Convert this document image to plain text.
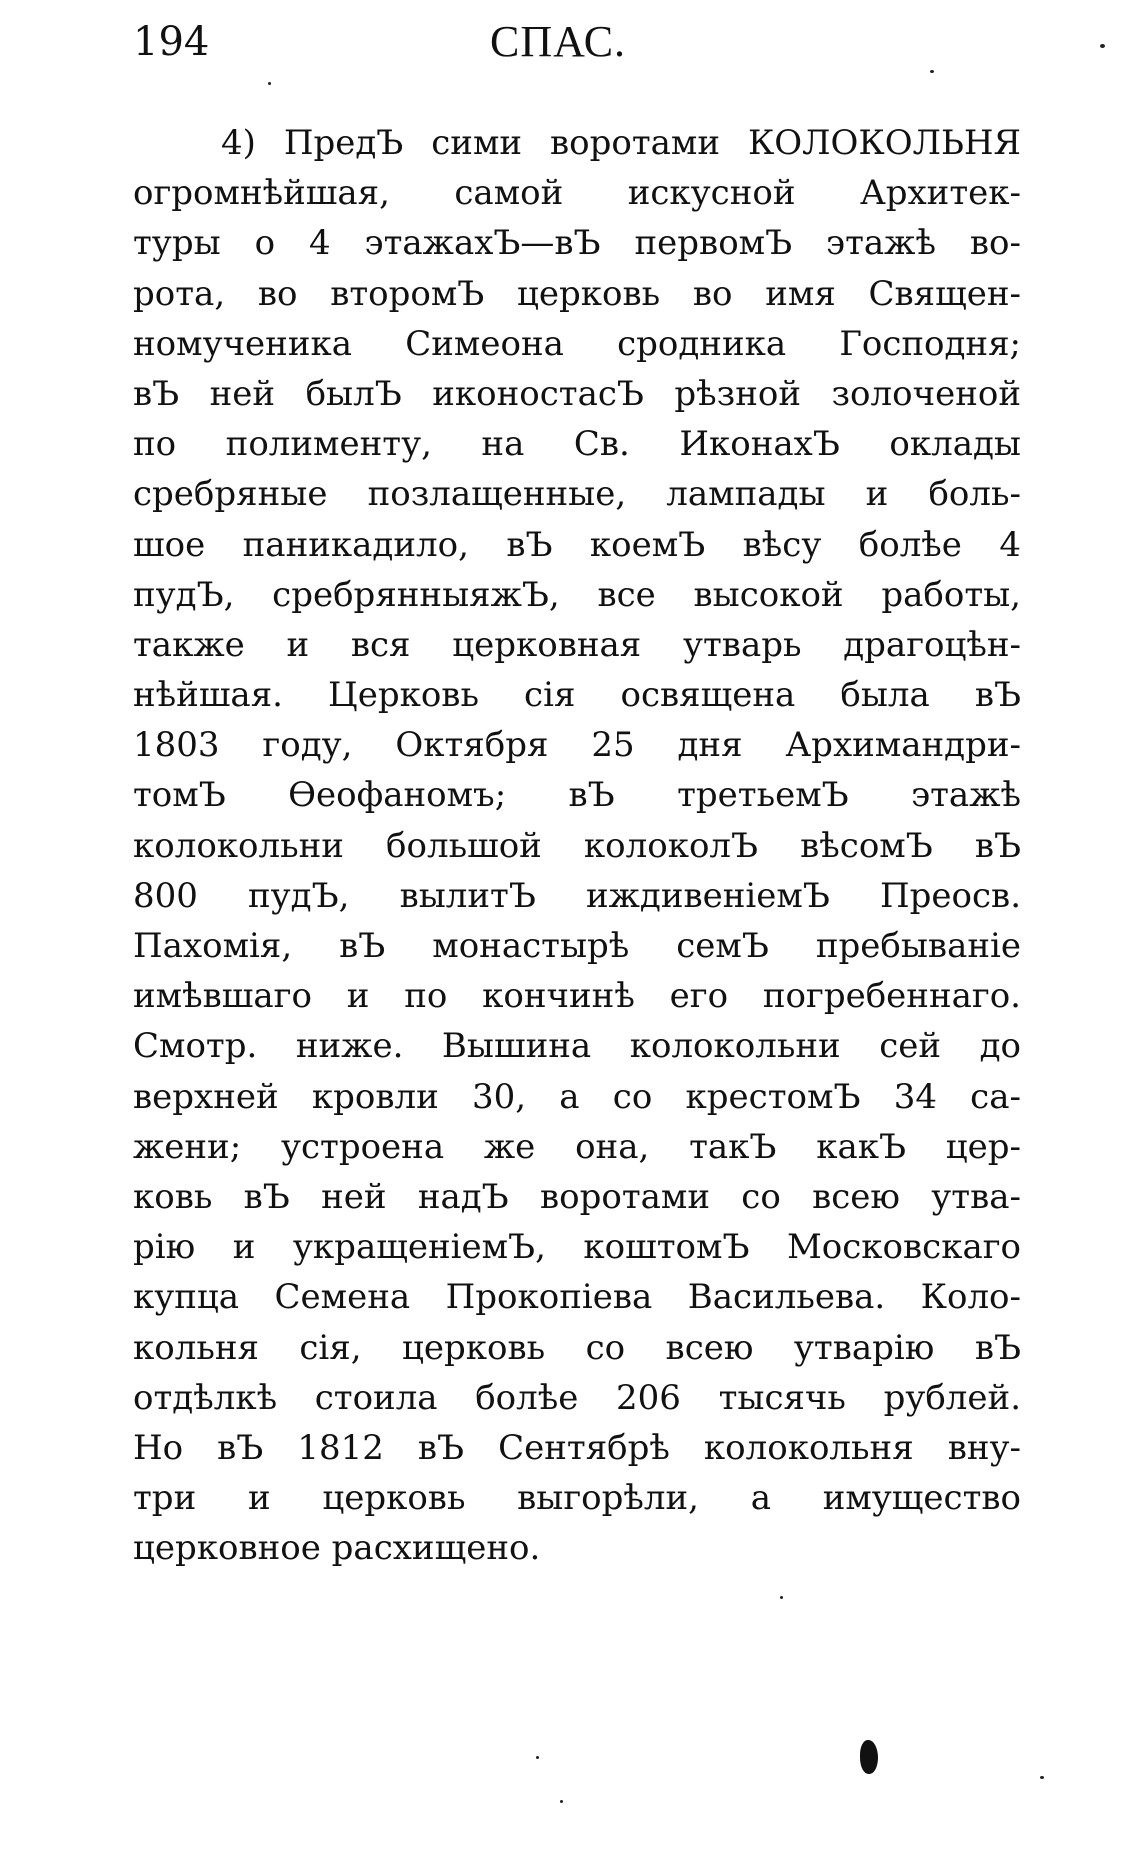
194	СПАС.
4) ПредЪ сими воротами КОЛОКОЛЬНЯ
огромнѣйшая, самой искусной Архитек-
туры о 4 этажахЪ—вЪ первомЪ этажѣ во-
рота, во второмЪ церковь во имя Священ-
номученика Симеона сродника Господня;
вЪ ней былЪ иконостасЪ рѣзной золоченой
по полименту, на Св. ИконахЪ оклады
сребряные позлащенные, лампады и боль-
шое паникадило, вЪ коемЪ вѣсу болѣе 4
пудЪ, сребрянныяжЪ, все высокой работы,
также и вся церковная утварь драгоцѣн-
нѣйшая. Церковь сія освящена была вЪ
1803 году, Октября 25 дня Архимандри-
томЪ Ѳеофаномъ; вЪ третьемЪ этажѣ
колокольни большой колоколЪ вѣсомЪ вЪ
800 пудЪ, вылитЪ иждивенiемЪ Преосв.
Пахомiя, вЪ монастырѣ семЪ пребыванiе
имѣвшаго и по кончинѣ его погребеннаго.
Смотр. ниже. Вышина колокольни сей до
верхней кровли 30, а со крестомЪ 34 са-
жени; устроена же она, такЪ какЪ цер-
ковь вЪ ней надЪ воротами со всею утва-
рiю и укращенiемЪ, коштомЪ Московскаго
купца Семена Прокопiева Васильева. Коло-
кольня сія, церковь со всею утварiю вЪ
отдѣлкѣ стоила болѣе 206 тысячь рублей.
Но вЪ 1812 вЪ Сентябрѣ колокольня вну-
три и церковь выгорѣли, а имущество
церковное расхищено.
